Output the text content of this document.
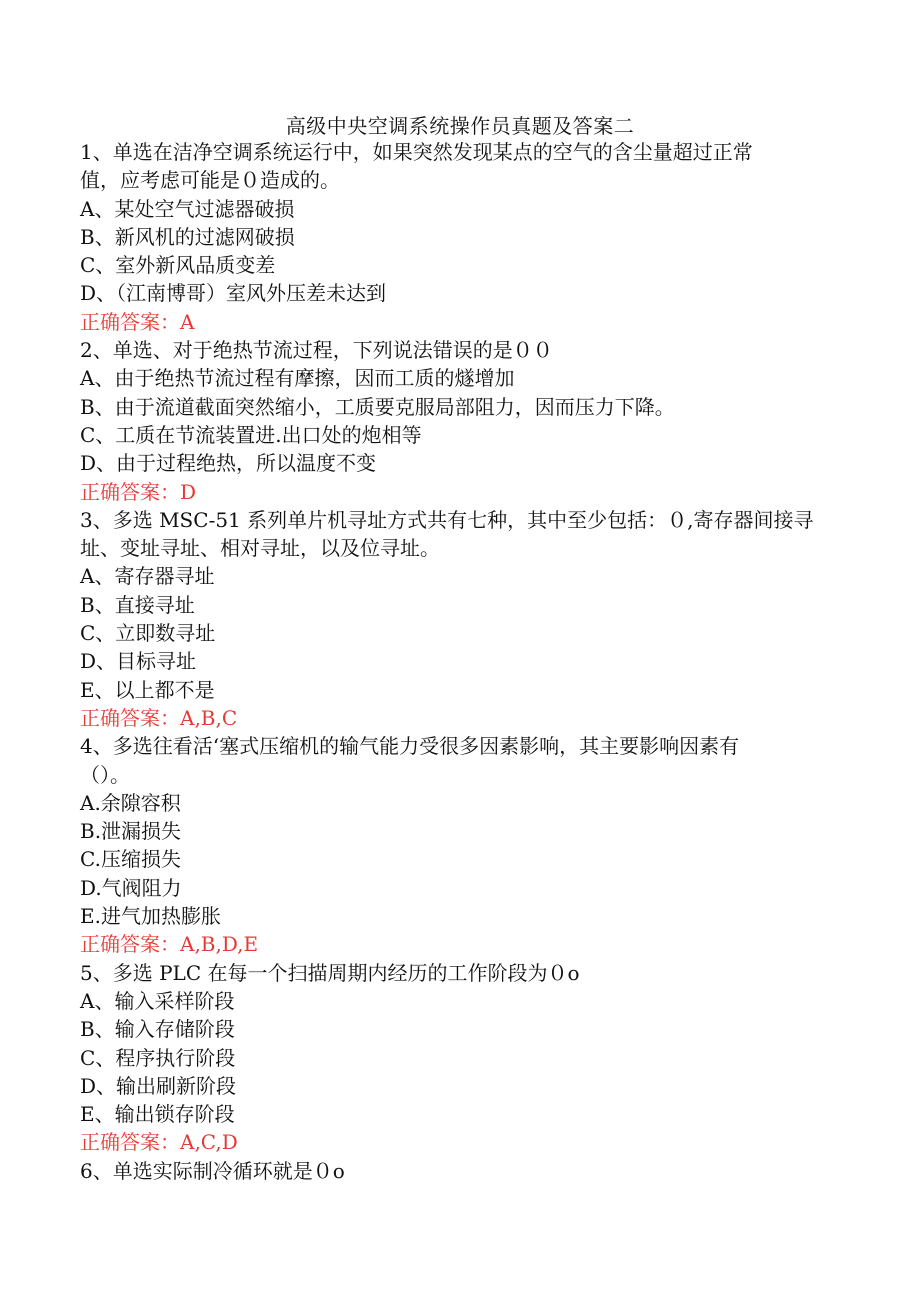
高级中央空调系统操作员真题及答案二
1、单选在洁净空调系统运行中，如果突然发现某点的空气的含尘量超过正常
值，应考虑可能是０造成的。
A、某处空气过滤器破损
B、新风机的过滤网破损
C、室外新风品质变差
D、（江南博哥）室风外压差未达到
正确答案：A
2、单选、对于绝热节流过程，下列说法错误的是００
A、由于绝热节流过程有摩擦，因而工质的燧增加
B、由于流道截面突然缩小，工质要克服局部阻力，因而压力下降。
C、工质在节流装置进.出口处的炮相等
D、由于过程绝热，所以温度不变
正确答案：D
3、多选 MSC-51 系列单片机寻址方式共有七种，其中至少包括：０,寄存器间接寻
址、变址寻址、相对寻址，以及位寻址。
A、寄存器寻址
B、直接寻址
C、立即数寻址
D、目标寻址
E、以上都不是
正确答案：A,B,C
4、多选往看活‘塞式压缩机的输气能力受很多因素影响，其主要影响因素有
（）。
A.余隙容积
B.泄漏损失
C.压缩损失
D.气阀阻力
E.进气加热膨胀
正确答案：A,B,D,E
5、多选 PLC 在每一个扫描周期内经历的工作阶段为０o
A、输入采样阶段
B、输入存储阶段
C、程序执行阶段
D、输出刷新阶段
E、输出锁存阶段
正确答案：A,C,D
6、单选实际制冷循环就是０o
